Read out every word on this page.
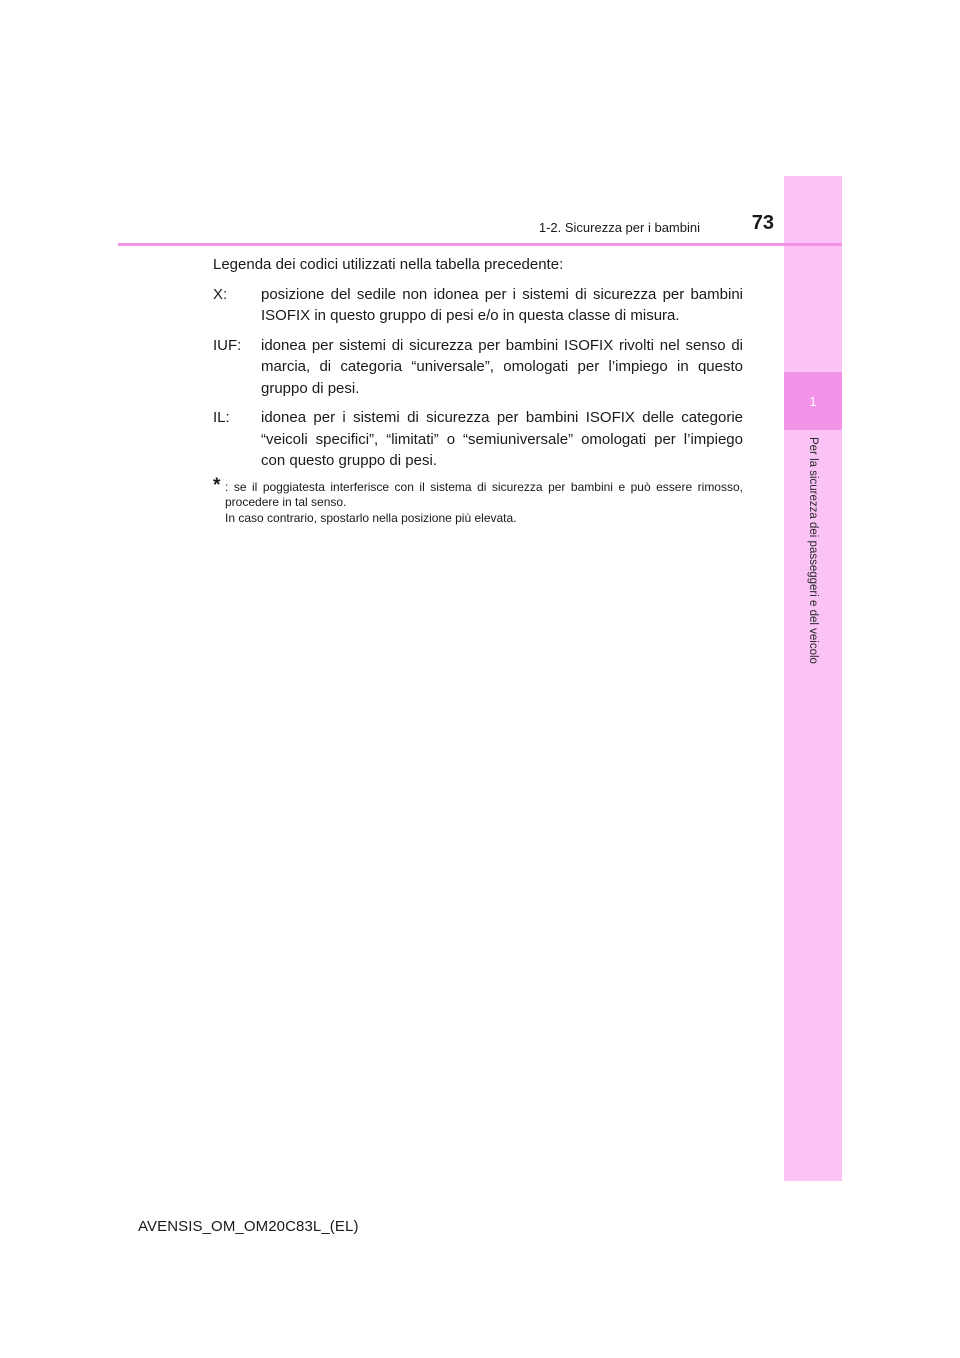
1
Per la sicurezza dei passeggeri e del veicolo
1-2. Sicurezza per i bambini	73

Legenda dei codici utilizzati nella tabella precedente:

X: posizione del sedile non idonea per i sistemi di sicurezza per bambini ISOFIX in questo gruppo di pesi e/o in questa classe di misura.
IUF: idonea per sistemi di sicurezza per bambini ISOFIX rivolti nel senso di marcia, di categoria “universale”, omologati per l’impiego in questo gruppo di pesi.
IL: idonea per i sistemi di sicurezza per bambini ISOFIX delle categorie “veicoli specifici”, “limitati” o “semiuniversale” omologati per l’impiego con questo gruppo di pesi.
* : se il poggiatesta interferisce con il sistema di sicurezza per bambini e può essere rimosso, procedere in tal senso.

In caso contrario, spostarlo nella posizione più elevata.

AVENSIS_OM_OM20C83L_(EL)
